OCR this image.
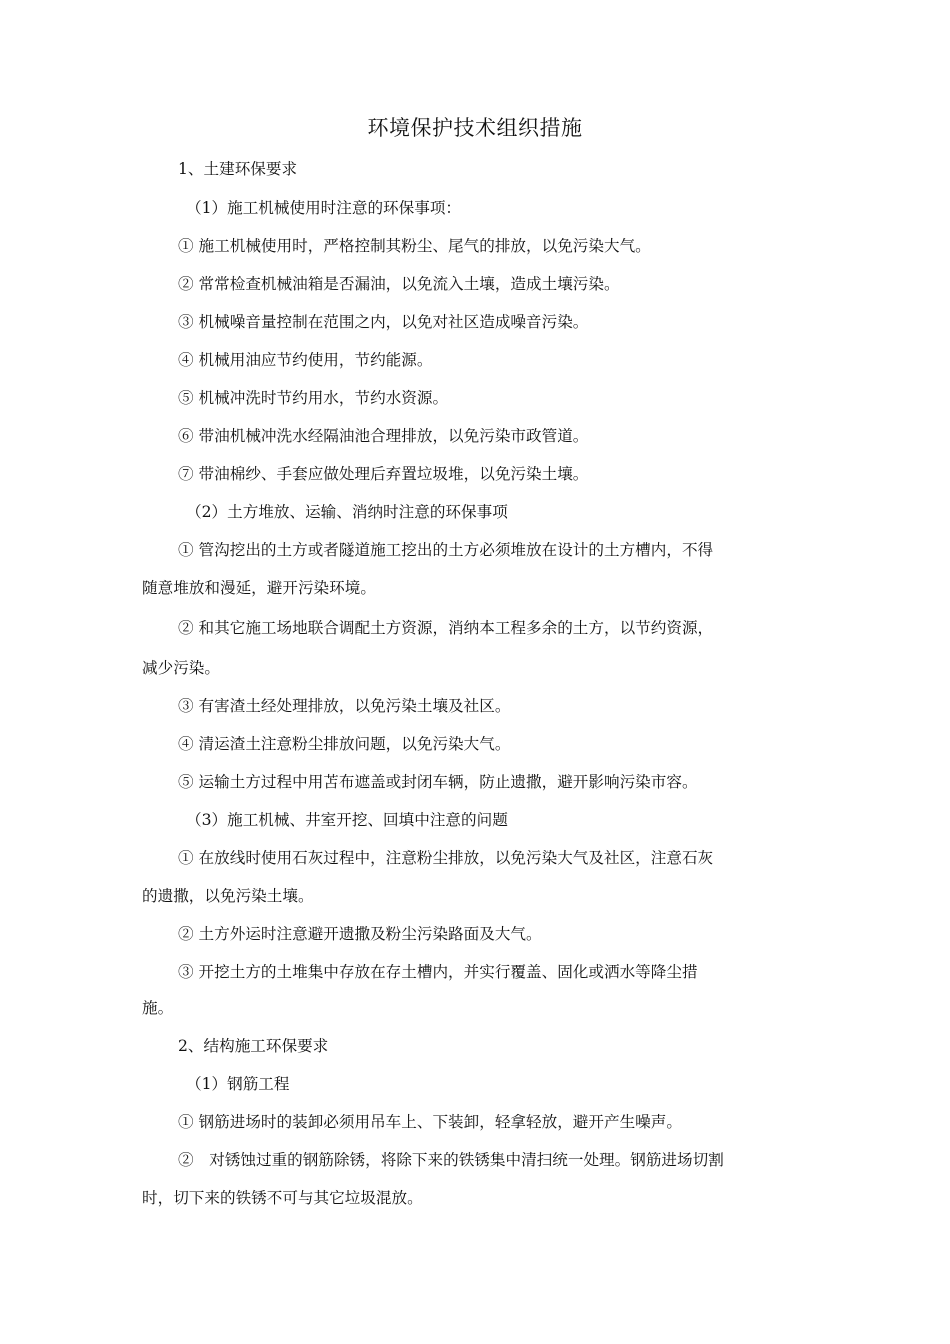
环境保护技术组织措施
1、土建环保要求
（1）施工机械使用时注意的环保事项：
① 施工机械使用时，严格控制其粉尘、尾气的排放，以免污染大气。
② 常常检查机械油箱是否漏油，以免流入土壤，造成土壤污染。
③ 机械噪音量控制在范围之内，以免对社区造成噪音污染。
④ 机械用油应节约使用，节约能源。
⑤ 机械冲洗时节约用水，节约水资源。
⑥ 带油机械冲洗水经隔油池合理排放，以免污染市政管道。
⑦ 带油棉纱、手套应做处理后弃置垃圾堆，以免污染土壤。
（2）土方堆放、运输、消纳时注意的环保事项
① 管沟挖出的土方或者隧道施工挖出的土方必须堆放在设计的土方槽内，不得
随意堆放和漫延，避开污染环境。
② 和其它施工场地联合调配土方资源，消纳本工程多余的土方，以节约资源，
减少污染。
③ 有害渣土经处理排放，以免污染土壤及社区。
④ 清运渣土注意粉尘排放问题，以免污染大气。
⑤ 运输土方过程中用苫布遮盖或封闭车辆，防止遗撒，避开影响污染市容。
（3）施工机械、井室开挖、回填中注意的问题
① 在放线时使用石灰过程中，注意粉尘排放，以免污染大气及社区，注意石灰
的遗撒，以免污染土壤。
② 土方外运时注意避开遗撒及粉尘污染路面及大气。
③ 开挖土方的土堆集中存放在存土槽内，并实行覆盖、固化或洒水等降尘措
施。
2、结构施工环保要求
（1）钢筋工程
① 钢筋进场时的装卸必须用吊车上、下装卸，轻拿轻放，避开产生噪声。
②　对锈蚀过重的钢筋除锈，将除下来的铁锈集中清扫统一处理。钢筋进场切割
时，切下来的铁锈不可与其它垃圾混放。
